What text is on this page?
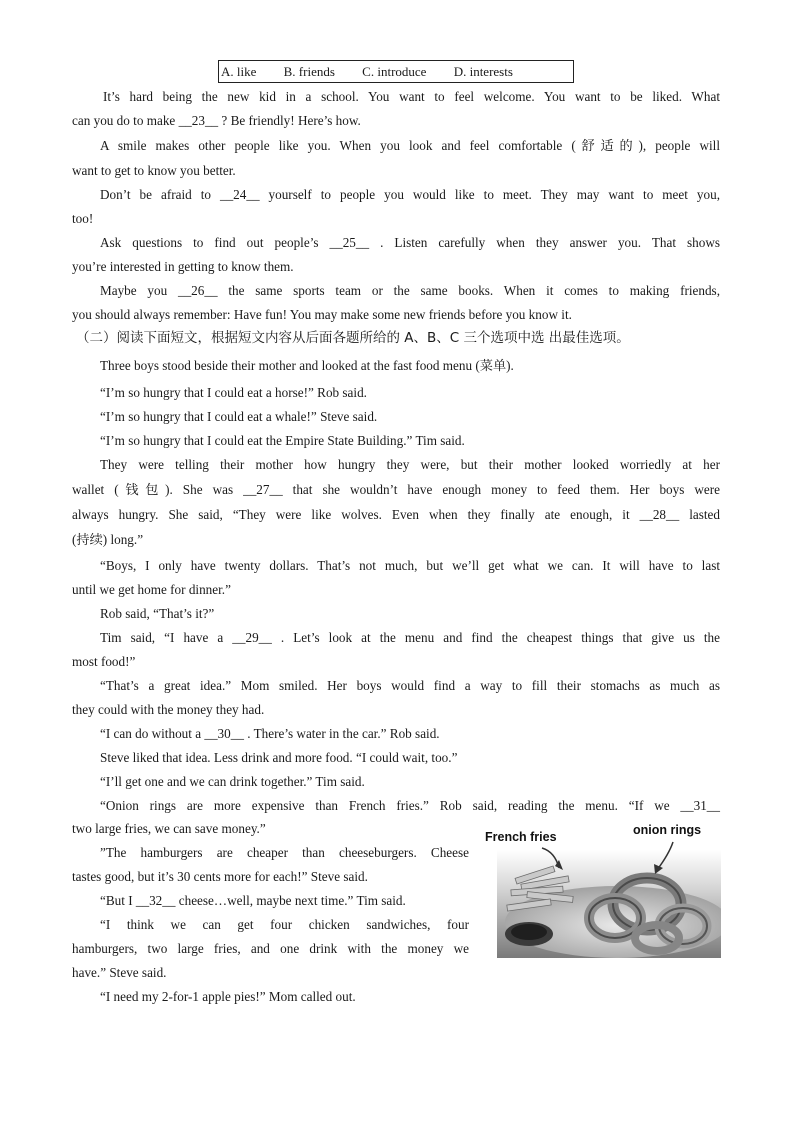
A. like B. friends C. introduce D. interests
It’s hard being the new kid in a school. You want to feel welcome. You want to be liked. What
can you do to make __23__ ? Be friendly! Here’s how.
A smile makes other people like you. When you look and feel comfortable (舒适的), people will
want to get to know you better.
Don’t be afraid to __24__ yourself to people you would like to meet. They may want to meet you,
too!
Ask questions to find out people’s __25__ . Listen carefully when they answer you. That shows
you’re interested in getting to know them.
Maybe you __26__ the same sports team or the same books. When it comes to making friends,
you should always remember: Have fun! You may make some new friends before you know it.
（二）阅读下面短文，根据短文内容从后面各题所给的 A、B、C 三个选项中选 出最佳选项。
Three boys stood beside their mother and looked at the fast food menu (菜单).
“I’m so hungry that I could eat a horse!” Rob said.
“I’m so hungry that I could eat a whale!” Steve said.
“I’m so hungry that I could eat the Empire State Building.” Tim said.
They were telling their mother how hungry they were, but their mother looked worriedly at her
wallet (钱包). She was __27__ that she wouldn’t have enough money to feed them. Her boys were
always hungry. She said, “They were like wolves. Even when they finally ate enough, it __28__ lasted
(持续) long.”
“Boys, I only have twenty dollars. That’s not much, but we’ll get what we can. It will have to last
until we get home for dinner.”
Rob said, “That’s it?”
Tim said, “I have a __29__ . Let’s look at the menu and find the cheapest things that give us the
most food!”
“That’s a great idea.” Mom smiled. Her boys would find a way to fill their stomachs as much as
they could with the money they had.
“I can do without a __30__ . There’s water in the car.” Rob said.
Steve liked that idea. Less drink and more food. “I could wait, too.”
“I’ll get one and we can drink together.” Tim said.
“Onion rings are more expensive than French fries.” Rob said, reading the menu. “If we __31__
two large fries, we can save money.”
”The hamburgers are cheaper than cheeseburgers. Cheese
tastes good, but it’s 30 cents more for each!” Steve said.
“But I __32__ cheese…well, maybe next time.” Tim said.
“I think we can get four chicken sandwiches, four
hamburgers, two large fries, and one drink with the money we
have.” Steve said.
“I need my 2-for-1 apple pies!” Mom called out.
French fries	onion rings
